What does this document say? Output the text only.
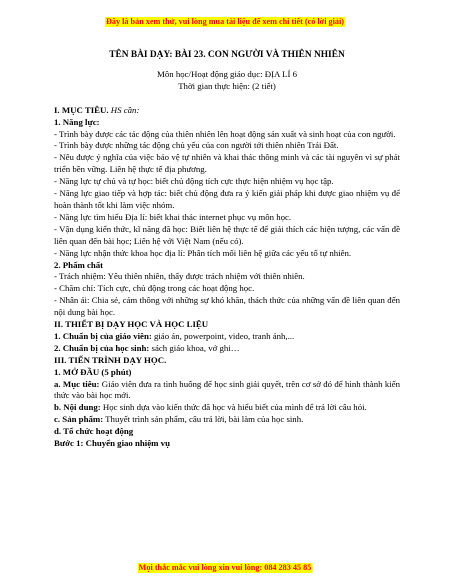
Đây là bản xem thử, vui lòng mua tài liệu để xem chi tiết (có lời giải)
TÊN BÀI DẠY: BÀI 23. CON NGƯỜI VÀ THIÊN NHIÊN
Môn học/Hoạt động giáo dục: ĐỊA LÍ 6
Thời gian thực hiện: (2 tiết)

I. MỤC TIÊU. HS cần:

1. Năng lực:

- Trình bày được các tác động của thiên nhiên lên hoạt động sản xuất và sinh hoạt của con người.

- Trình bày được những tác động chủ yếu của con người tới thiên nhiên Trái Đất.

- Nêu được ý nghĩa của việc bảo vệ tự nhiên và khai thác thông minh và các tài nguyên vì sự phát triển bền vững. Liên hệ thực tế địa phương.

- Năng lực tự chủ và tự học: biết chủ động tích cực thực hiện nhiệm vụ học tập.

- Năng lực giao tiếp và hợp tác: biết chủ động đưa ra ý kiến giải pháp khi được giao nhiệm vụ để hoàn thành tốt khi làm việc nhóm.

- Năng lực tìm hiểu Địa lí: biết khai thác internet phục vụ môn học.

- Vận dụng kiến thức, kĩ năng đã học: Biết liên hệ thực tế để giải thích các hiện tượng, các vấn đề liên quan đến bài học; Liên hệ với Việt Nam (nếu có).

- Năng lực nhận thức khoa học địa lí: Phân tích mối liên hệ giữa các yếu tố tự nhiên.

2. Phẩm chất

- Trách nhiệm: Yêu thiên nhiên, thấy được trách nhiệm với thiên nhiên.

- Chăm chỉ: Tích cực, chủ động trong các hoạt động học.

- Nhân ái: Chia sẻ, cảm thông với những sự khó khăn, thách thức của những vấn đề liên quan đến nội dung bài học.

II. THIẾT BỊ DẠY HỌC VÀ HỌC LIỆU

1. Chuẩn bị của giáo viên: giáo án, powerpoint, video, tranh ảnh,...

2. Chuẩn bị của học sinh: sách giáo khoa, vở ghi…

III. TIẾN TRÌNH DẠY HỌC.

1. MỞ ĐẦU (5 phút)

a. Mục tiêu: Giáo viên đưa ra tình huống để học sinh giải quyết, trên cơ sở đó để hình thành kiến thức vào bài học mới.

b. Nội dung: Học sinh dựa vào kiến thức đã học và hiểu biết của mình để trả lời câu hỏi.

c. Sản phẩm: Thuyết trình sản phẩm, câu trả lời, bài làm của học sinh.

d. Tổ chức hoạt động

Bước 1: Chuyển giao nhiệm vụ

Mọi thắc mắc vui lòng xin vui lòng: 084 283 45 85
